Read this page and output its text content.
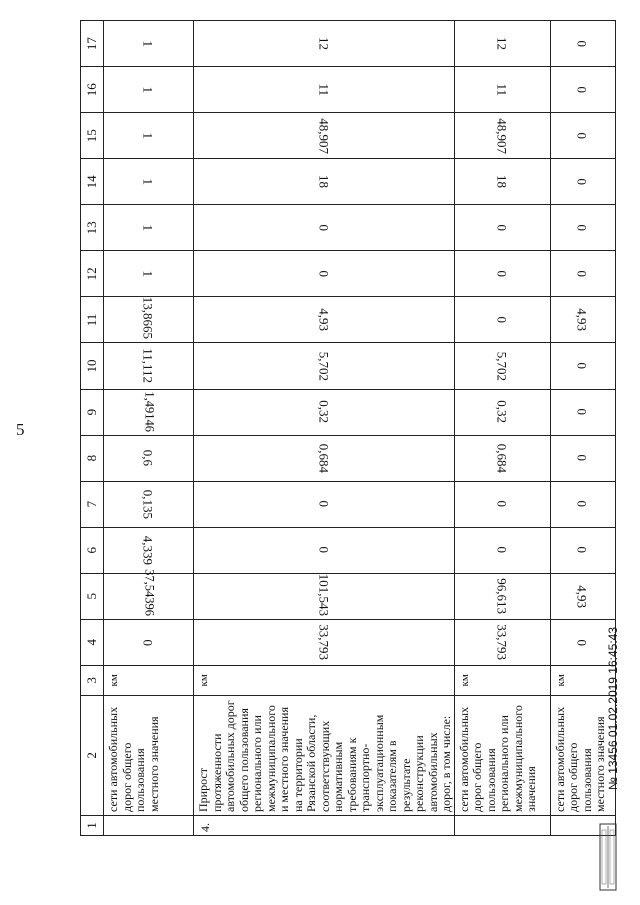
5
1	2	3	4	5	6	7	8	9	10	11	12	13	14	15	16	17
	сети автомобильных дорог общего пользования местного значения	км	0	37,54396	4,339	0,135	0,6	1,49146	11,112	13,8665	1	1	1	1	1	1
4.	Прирост протяженности автомобильных дорог общего пользования регионального или межмуниципального и местного значения на территории Рязанской области, соответствующих нормативным требованиям к транспортно-эксплуатационным показателям в результате реконструкции автомобильных дорог, в том числе:	км	33,793	101,543	0	0	0,684	0,32	5,702	4,93	0	0	18	48,907	11	12
	сети автомобильных дорог общего пользования регионального или межмуниципального значения	км	33,793	96,613	0	0	0,684	0,32	5,702	0	0	0	18	48,907	11	12
	сети автомобильных дорог общего пользования местного значения	км	0	4,93	0	0	0	0	0	4,93	0	0	0	0	0	0
№ 13456 01.02.2019 16:45:43
